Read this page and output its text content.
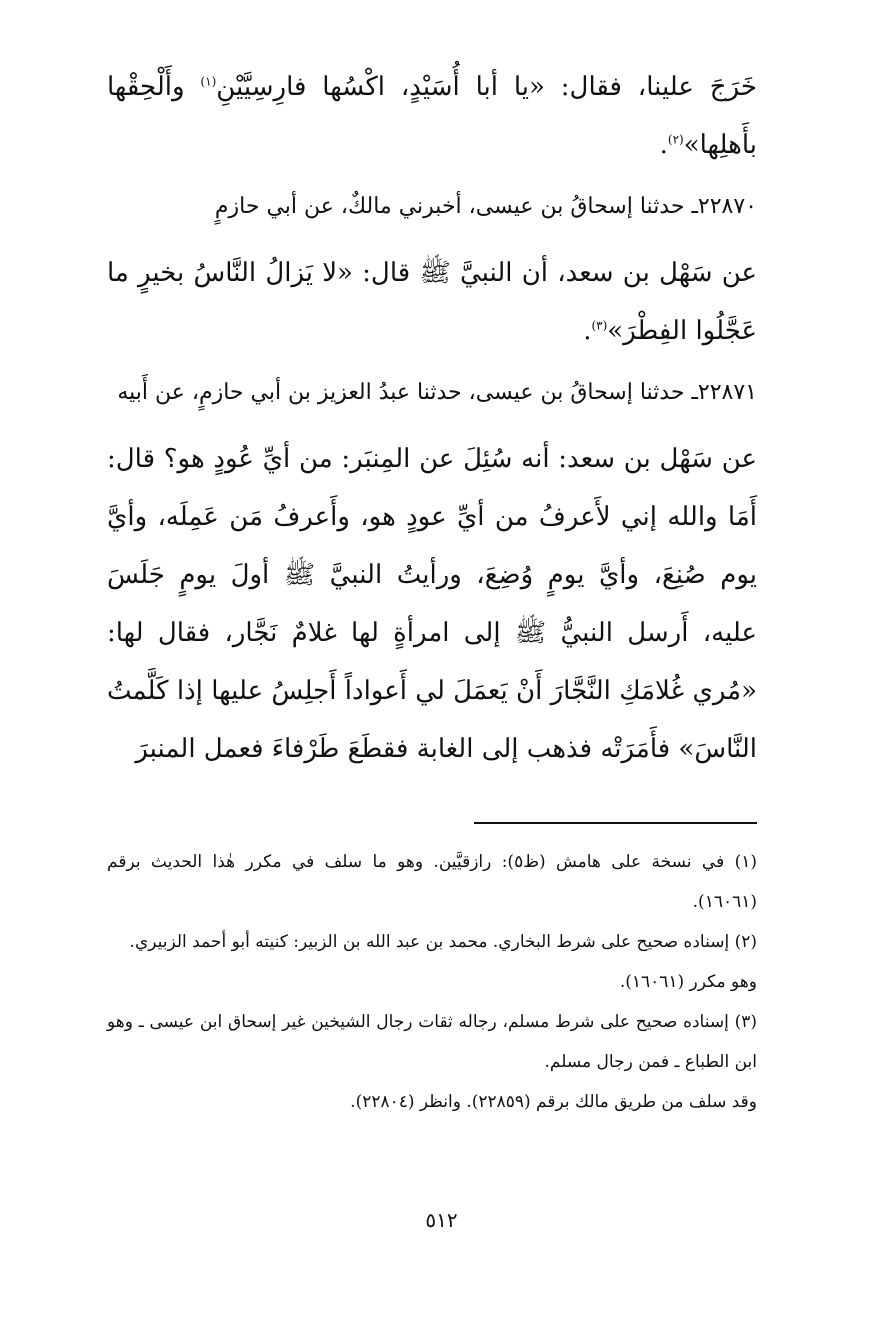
خَرَجَ علينا، فقال: «يا أبا أُسَيْدٍ، اكْسُها فارِسِيَّيْنِ$^{(١)}$ وأَلْحِقْها بأَهلِها»$^{(٢)}$.

٢٢٨٧٠ـ حدثنا إسحاقُ بن عيسى، أخبرني مالكٌ، عن أبي حازمٍ

عن سَهْل بن سعد، أن النبيَّ ﷺ قال: «لا يَزالُ النَّاسُ بخيرٍ ما عَجَّلُوا الفِطْرَ»$^{(٣)}$.

٢٢٨٧١ـ حدثنا إسحاقُ بن عيسى، حدثنا عبدُ العزيز بن أبي حازمٍ، عن أَبيه

عن سَهْل بن سعد: أنه سُئِلَ عن المِنبَر: من أيِّ عُودٍ هو؟ قال: أَمَا والله إني لأَعرفُ من أيِّ عودٍ هو، وأَعرفُ مَن عَمِلَه، وأيَّ يوم صُنِعَ، وأيَّ يومٍ وُضِعَ، ورأيتُ النبيَّ ﷺ أولَ يومٍ جَلَسَ عليه، أَرسل النبيُّ ﷺ إلى امرأةٍ لها غلامٌ نَجَّار، فقال لها: «مُري غُلامَكِ النَّجَّارَ أَنْ يَعمَلَ لي أَعواداً أَجلِسُ عليها إذا كَلَّمتُ النَّاسَ» فأَمَرَتْه فذهب إلى الغابة فقطَعَ طَرْفاءَ فعمل المنبرَ

(١) في نسخة على هامش (ظ٥): رازقيَّين. وهو ما سلف في مكرر هٰذا الحديث برقم (١٦٠٦١).

(٢) إسناده صحيح على شرط البخاري. محمد بن عبد الله بن الزبير: كنيته أبو أحمد الزبيري.

وهو مكرر (١٦٠٦١).

(٣) إسناده صحيح على شرط مسلم، رجاله ثقات رجال الشيخين غير إسحاق ابن عيسى ـ وهو ابن الطباع ـ فمن رجال مسلم.

وقد سلف من طريق مالك برقم (٢٢٨٥٩). وانظر (٢٢٨٠٤).

٥١٢
